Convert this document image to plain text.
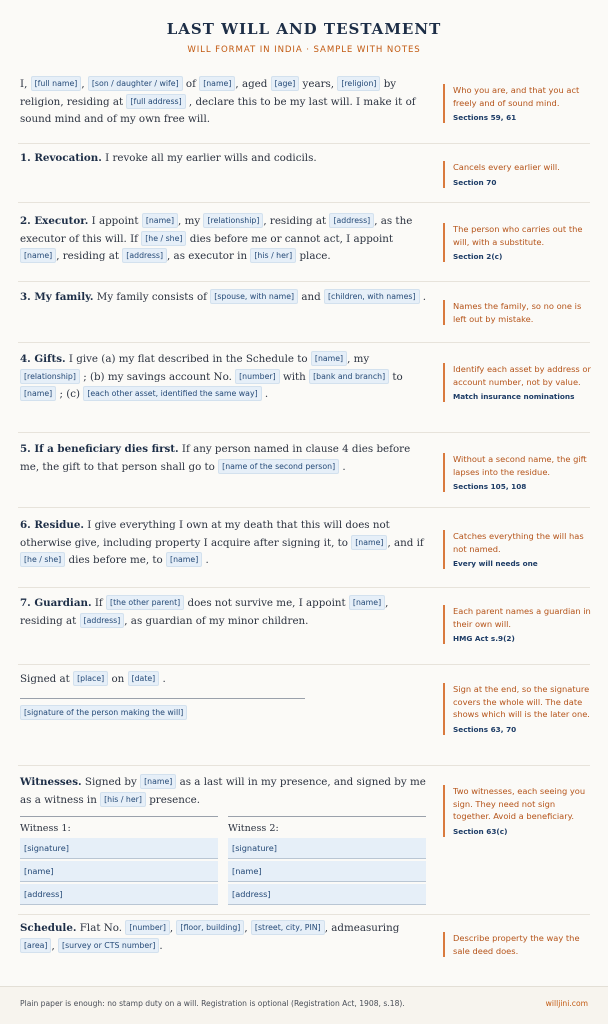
LAST WILL AND TESTAMENT
WILL FORMAT IN INDIA · SAMPLE WITH NOTES
I, [full name] , [son / daughter / wife] of [name] , aged [age] years, [religion] by religion, residing at [full address] , declare this to be my last will. I make it of sound mind and of my own free will.
Who you are, and that you act freely and of sound mind.
Sections 59, 61
1. Revocation. I revoke all my earlier wills and codicils.
Cancels every earlier will.
Section 70
2. Executor. I appoint [name] , my [relationship] , residing at [address] , as the executor of this will. If [he / she] dies before me or cannot act, I appoint [name] , residing at [address] , as executor in [his / her] place.
The person who carries out the will, with a substitute.
Section 2(c)
3. My family. My family consists of [spouse, with name] and [children, with names] .
Names the family, so no one is left out by mistake.
4. Gifts. I give (a) my flat described in the Schedule to [name] , my [relationship] ; (b) my savings account No. [number] with [bank and branch] to [name] ; (c) [each other asset, identified the same way] .
Identify each asset by address or account number, not by value.
Match insurance nominations
5. If a beneficiary dies first. If any person named in clause 4 dies before me, the gift to that person shall go to [name of the second person] .
Without a second name, the gift lapses into the residue.
Sections 105, 108
6. Residue. I give everything I own at my death that this will does not otherwise give, including property I acquire after signing it, to [name] , and if [he / she] dies before me, to [name] .
Catches everything the will has not named.
Every will needs one
7. Guardian. If [the other parent] does not survive me, I appoint [name] , residing at [address] , as guardian of my minor children.
Each parent names a guardian in their own will.
HMG Act s.9(2)
Signed at [place] on [date] .
[signature of the person making the will]
Sign at the end, so the signature covers the whole will. The date shows which will is the later one.
Sections 63, 70
Witnesses. Signed by [name] as a last will in my presence, and signed by me as a witness in [his / her] presence.
Two witnesses, each seeing you sign. They need not sign together. Avoid a beneficiary.
Section 63(c)
Witness 1:
[signature]
[name]
[address]
Witness 2:
[signature]
[name]
[address]
Schedule. Flat No. [number] , [floor, building] , [street, city, PIN] , admeasuring [area] , [survey or CTS number] .
Describe property the way the sale deed does.
Plain paper is enough: no stamp duty on a will. Registration is optional (Registration Act, 1908, s.18).	willjini.com
